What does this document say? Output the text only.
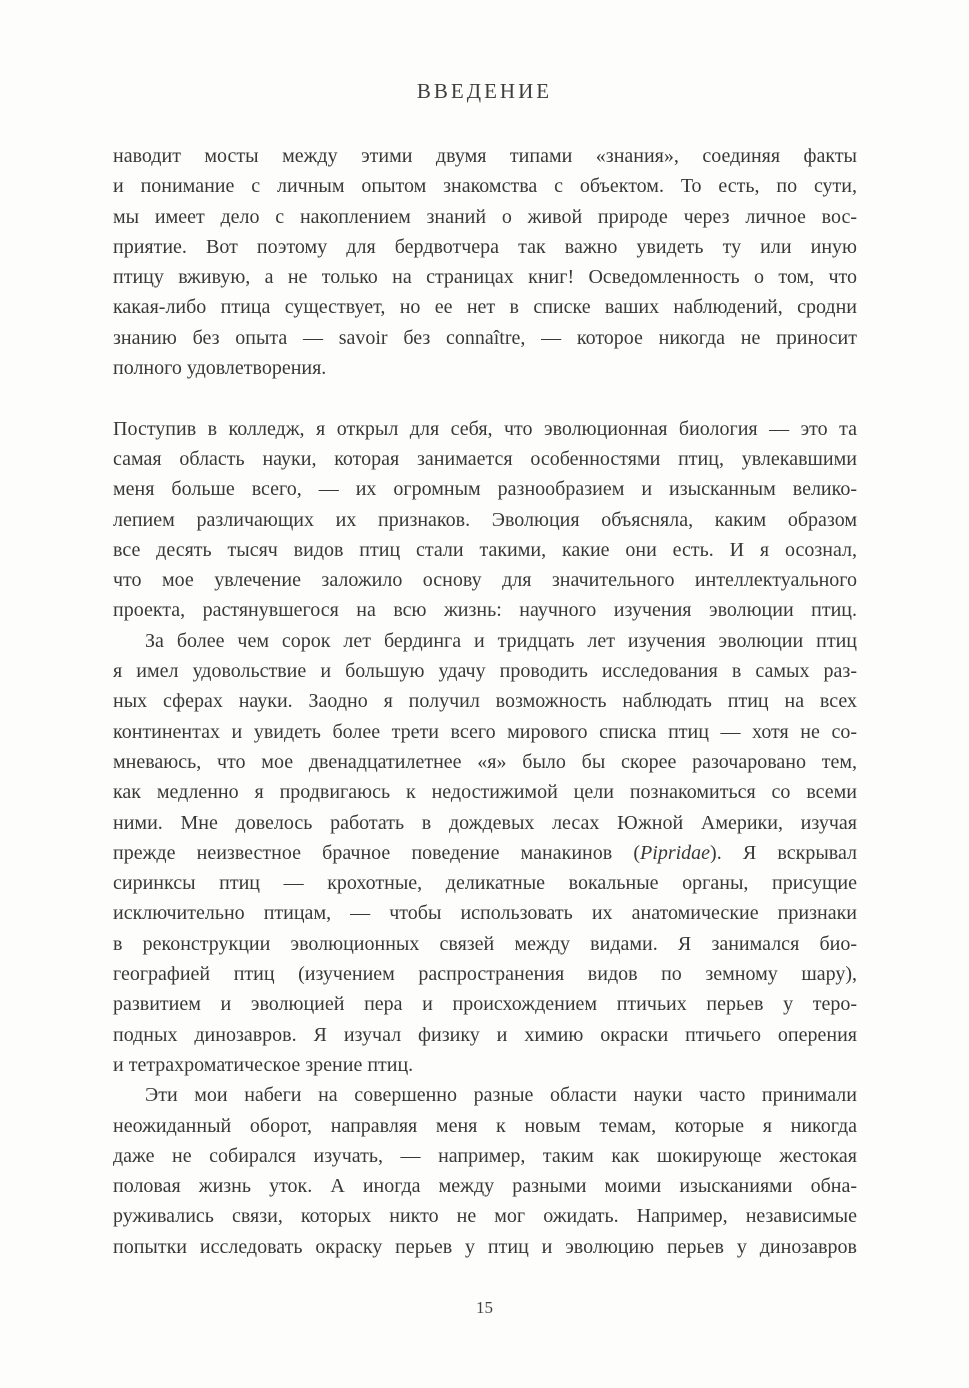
ВВЕДЕНИЕ
наводит мосты между этими двумя типами «знания», соединяя факты
и понимание с личным опытом знакомства с объектом. То есть, по сути,
мы имеет дело с накоплением знаний о живой природе через личное вос-
приятие. Вот поэтому для бердвотчера так важно увидеть ту или иную
птицу вживую, а не только на страницах книг! Осведомленность о том, что
какая-либо птица существует, но ее нет в списке ваших наблюдений, сродни
знанию без опыта — savoir без connaître, — которое никогда не приносит
полного удовлетворения.
Поступив в колледж, я открыл для себя, что эволюционная биология — это та
самая область науки, которая занимается особенностями птиц, увлекавшими
меня больше всего, — их огромным разнообразием и изысканным велико-
лепием различающих их признаков. Эволюция объясняла, каким образом
все десять тысяч видов птиц стали такими, какие они есть. И я осознал,
что мое увлечение заложило основу для значительного интеллектуального
проекта, растянувшегося на всю жизнь: научного изучения эволюции птиц.
За более чем сорок лет бердинга и тридцать лет изучения эволюции птиц
я имел удовольствие и большую удачу проводить исследования в самых раз-
ных сферах науки. Заодно я получил возможность наблюдать птиц на всех
континентах и увидеть более трети всего мирового списка птиц — хотя не со-
мневаюсь, что мое двенадцатилетнее «я» было бы скорее разочаровано тем,
как медленно я продвигаюсь к недостижимой цели познакомиться со всеми
ними. Мне довелось работать в дождевых лесах Южной Америки, изучая
прежде неизвестное брачное поведение манакинов (Pipridae). Я вскрывал
сиринксы птиц — крохотные, деликатные вокальные органы, присущие
исключительно птицам, — чтобы использовать их анатомические признаки
в реконструкции эволюционных связей между видами. Я занимался био-
географией птиц (изучением распространения видов по земному шару),
развитием и эволюцией пера и происхождением птичьих перьев у теро-
подных динозавров. Я изучал физику и химию окраски птичьего оперения
и тетрахроматическое зрение птиц.
Эти мои набеги на совершенно разные области науки часто принимали
неожиданный оборот, направляя меня к новым темам, которые я никогда
даже не собирался изучать, — например, таким как шокирующе жестокая
половая жизнь уток. А иногда между разными моими изысканиями обна-
руживались связи, которых никто не мог ожидать. Например, независимые
попытки исследовать окраску перьев у птиц и эволюцию перьев у динозавров
15
